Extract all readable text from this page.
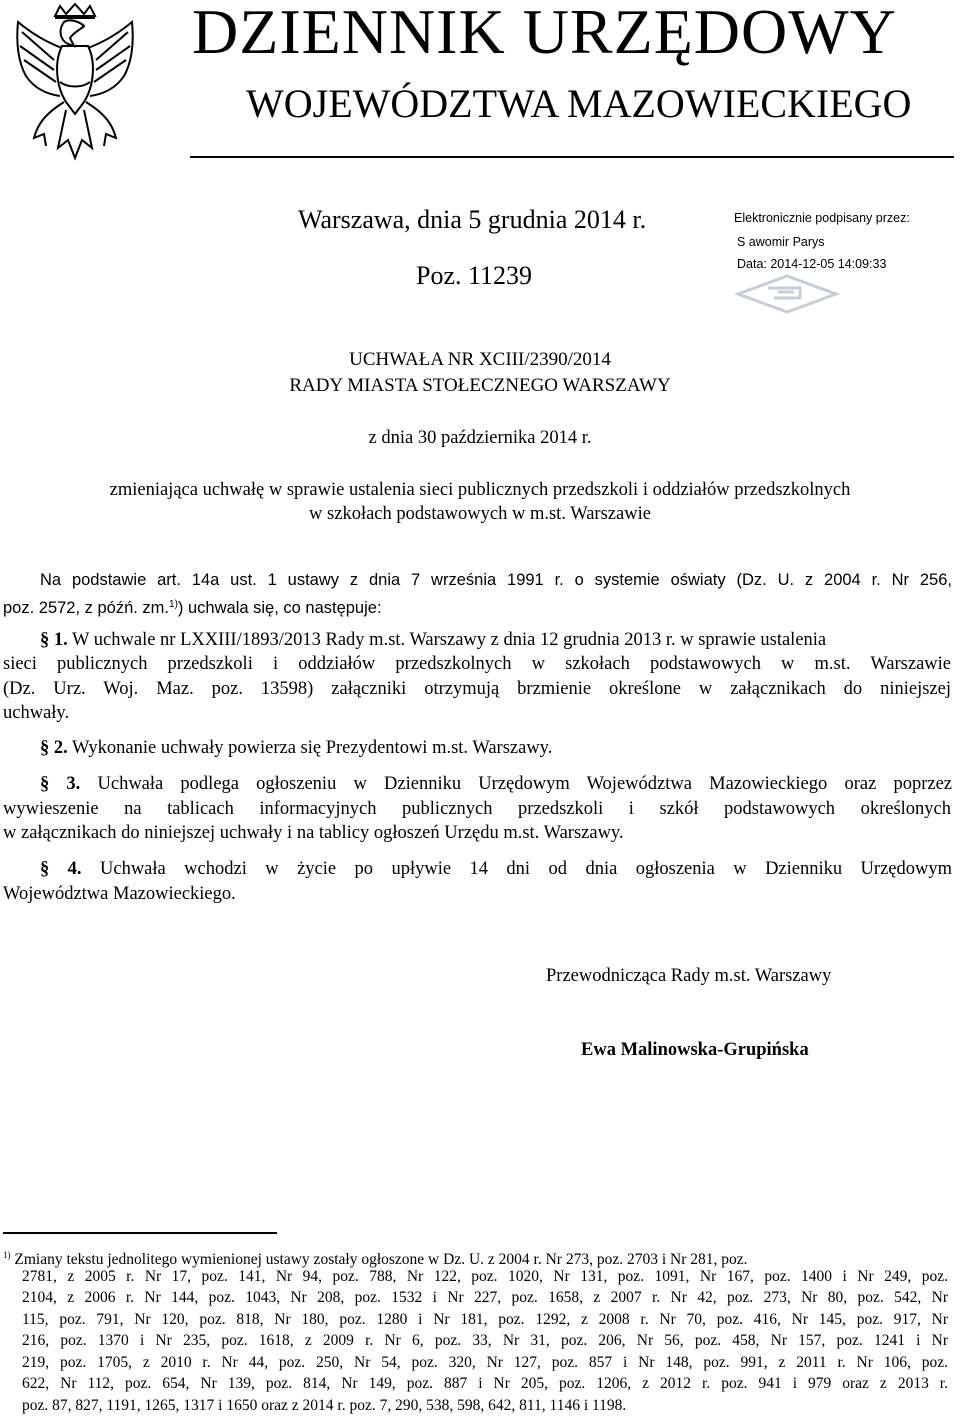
DZIENNIK URZĘDOWY
WOJEWÓDZTWA MAZOWIECKIEGO
Warszawa, dnia 5 grudnia 2014 r.
Poz. 11239
Elektronicznie podpisany przez:
S awomir Parys
Data: 2014-12-05 14:09:33
UCHWAŁA NR XCIII/2390/2014
RADY MIASTA STOŁECZNEGO WARSZAWY
z dnia 30 października 2014 r.
zmieniająca uchwałę w sprawie ustalenia sieci publicznych przedszkoli i oddziałów przedszkolnych
w szkołach podstawowych w m.st. Warszawie
Na podstawie art. 14a ust. 1 ustawy z dnia 7 września 1991 r. o systemie oświaty (Dz. U. z 2004 r. Nr 256,
poz. 2572, z późń. zm.$^{1)}$) uchwala się, co następuje:
§ 1. W uchwale nr LXXIII/1893/2013 Rady m.st. Warszawy z dnia 12 grudnia 2013 r. w sprawie ustalenia
sieci publicznych przedszkoli i oddziałów przedszkolnych w szkołach podstawowych w m.st. Warszawie
(Dz. Urz. Woj. Maz. poz. 13598) załączniki otrzymują brzmienie określone w załącznikach do niniejszej
uchwały.
§ 2. Wykonanie uchwały powierza się Prezydentowi m.st. Warszawy.
§ 3. Uchwała podlega ogłoszeniu w Dzienniku Urzędowym Województwa Mazowieckiego oraz poprzez
wywieszenie na tablicach informacyjnych publicznych przedszkoli i szkół podstawowych określonych
w załącznikach do niniejszej uchwały i na tablicy ogłoszeń Urzędu m.st. Warszawy.
§ 4. Uchwała wchodzi w życie po upływie 14 dni od dnia ogłoszenia w Dzienniku Urzędowym
Województwa Mazowieckiego.
Przewodnicząca Rady m.st. Warszawy
Ewa Malinowska-Grupińska
$^{1)}$ Zmiany tekstu jednolitego wymienionej ustawy zostały ogłoszone w Dz. U. z 2004 r. Nr 273, poz. 2703 i Nr 281, poz.
2781, z 2005 r. Nr 17, poz. 141, Nr 94, poz. 788, Nr 122, poz. 1020, Nr 131, poz. 1091, Nr 167, poz. 1400 i Nr 249, poz.
2104, z 2006 r. Nr 144, poz. 1043, Nr 208, poz. 1532 i Nr 227, poz. 1658, z 2007 r. Nr 42, poz. 273, Nr 80, poz. 542, Nr
115, poz. 791, Nr 120, poz. 818, Nr 180, poz. 1280 i Nr 181, poz. 1292, z 2008 r. Nr 70, poz. 416, Nr 145, poz. 917, Nr
216, poz. 1370 i Nr 235, poz. 1618, z 2009 r. Nr 6, poz. 33, Nr 31, poz. 206, Nr 56, poz. 458, Nr 157, poz. 1241 i Nr
219, poz. 1705, z 2010 r. Nr 44, poz. 250, Nr 54, poz. 320, Nr 127, poz. 857 i Nr 148, poz. 991, z 2011 r. Nr 106, poz.
622, Nr 112, poz. 654, Nr 139, poz. 814, Nr 149, poz. 887 i Nr 205, poz. 1206, z 2012 r. poz. 941 i 979 oraz z 2013 r.
poz. 87, 827, 1191, 1265, 1317 i 1650 oraz z 2014 r. poz. 7, 290, 538, 598, 642, 811, 1146 i 1198.
